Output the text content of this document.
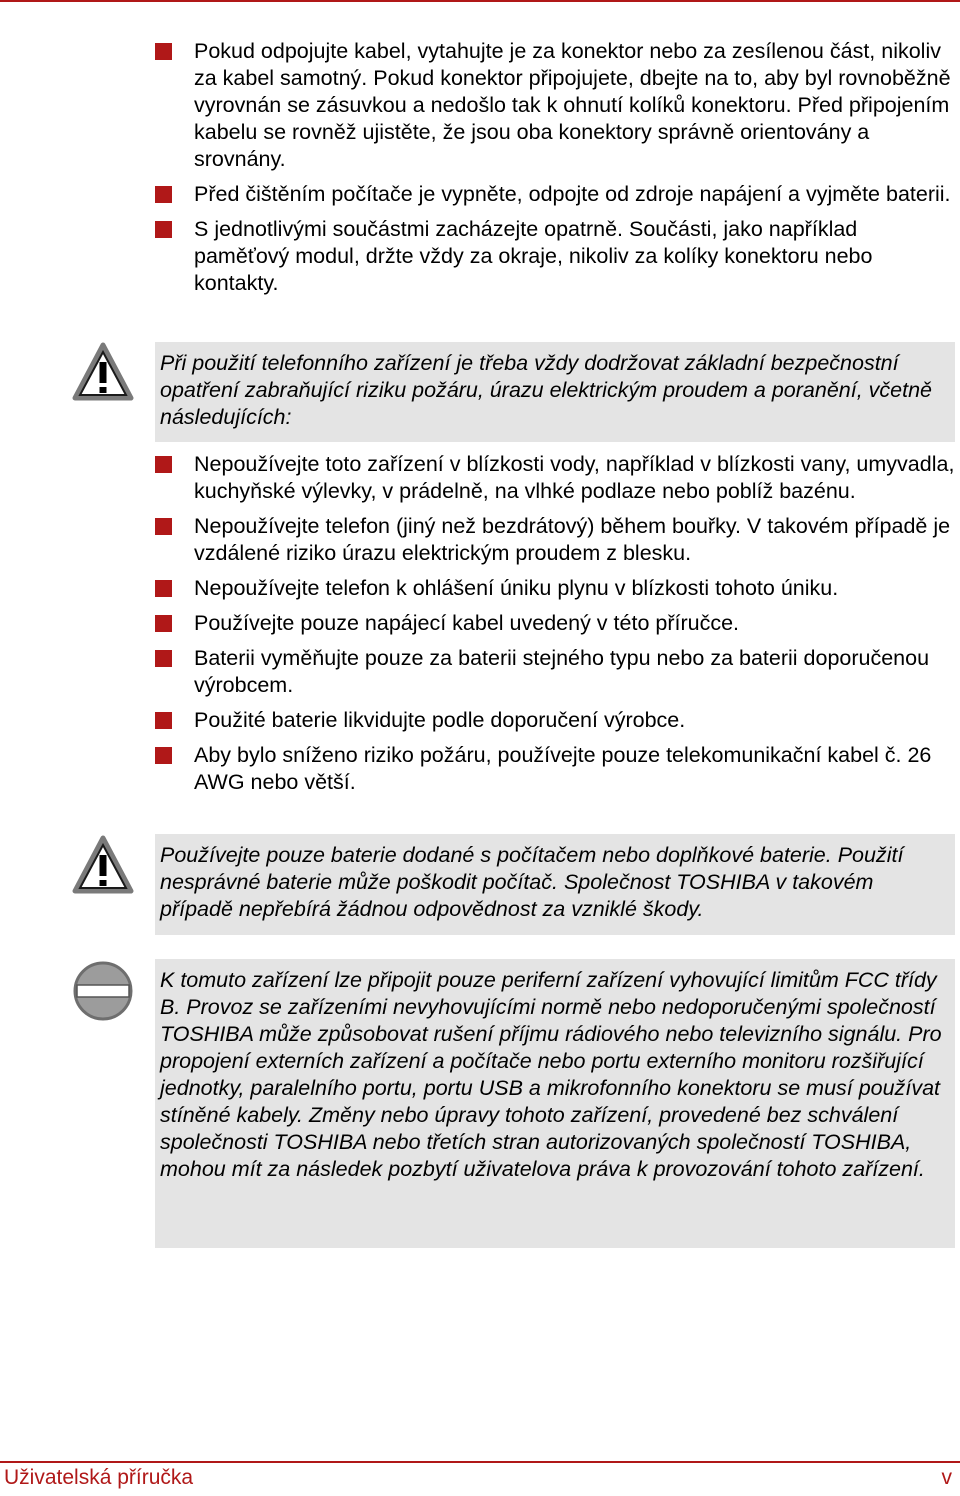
Pokud odpojujte kabel, vytahujte je za konektor nebo za zesílenou část, nikoliv za kabel samotný. Pokud konektor připojujete, dbejte na to, aby byl rovnoběžně vyrovnán se zásuvkou a nedošlo tak k ohnutí kolíků konektoru. Před připojením kabelu se rovněž ujistěte, že jsou oba konektory správně orientovány a srovnány.
Před čištěním počítače je vypněte, odpojte od zdroje napájení a vyjměte baterii.
S jednotlivými součástmi zacházejte opatrně. Součásti, jako například paměťový modul, držte vždy za okraje, nikoliv za kolíky konektoru nebo kontakty.
Při použití telefonního zařízení je třeba vždy dodržovat základní bezpečnostní opatření zabraňující riziku požáru, úrazu elektrickým proudem a poranění, včetně následujících:
Nepoužívejte toto zařízení v blízkosti vody, například v blízkosti vany, umyvadla, kuchyňské výlevky, v prádelně, na vlhké podlaze nebo poblíž bazénu.
Nepoužívejte telefon (jiný než bezdrátový) během bouřky. V takovém případě je vzdálené riziko úrazu elektrickým proudem z blesku.
Nepoužívejte telefon k ohlášení úniku plynu v blízkosti tohoto úniku.
Používejte pouze napájecí kabel uvedený v této příručce.
Baterii vyměňujte pouze za baterii stejného typu nebo za baterii doporučenou výrobcem.
Použité baterie likvidujte podle doporučení výrobce.
Aby bylo sníženo riziko požáru, používejte pouze telekomunikační kabel č. 26 AWG nebo větší.
Používejte pouze baterie dodané s počítačem nebo doplňkové baterie. Použití nesprávné baterie může poškodit počítač. Společnost TOSHIBA v takovém případě nepřebírá žádnou odpovědnost za vzniklé škody.
K tomuto zařízení lze připojit pouze periferní zařízení vyhovující limitům FCC třídy B. Provoz se zařízeními nevyhovujícími normě nebo nedoporučenými společností TOSHIBA může způsobovat rušení příjmu rádiového nebo televizního signálu. Pro propojení externích zařízení a počítače nebo portu externího monitoru rozšiřující jednotky, paralelního portu, portu USB a mikrofonního konektoru se musí používat stíněné kabely. Změny nebo úpravy tohoto zařízení, provedené bez schválení společnosti TOSHIBA nebo třetích stran autorizovaných společností TOSHIBA, mohou mít za následek pozbytí uživatelova práva k provozování tohoto zařízení.
Uživatelská příručka	v
